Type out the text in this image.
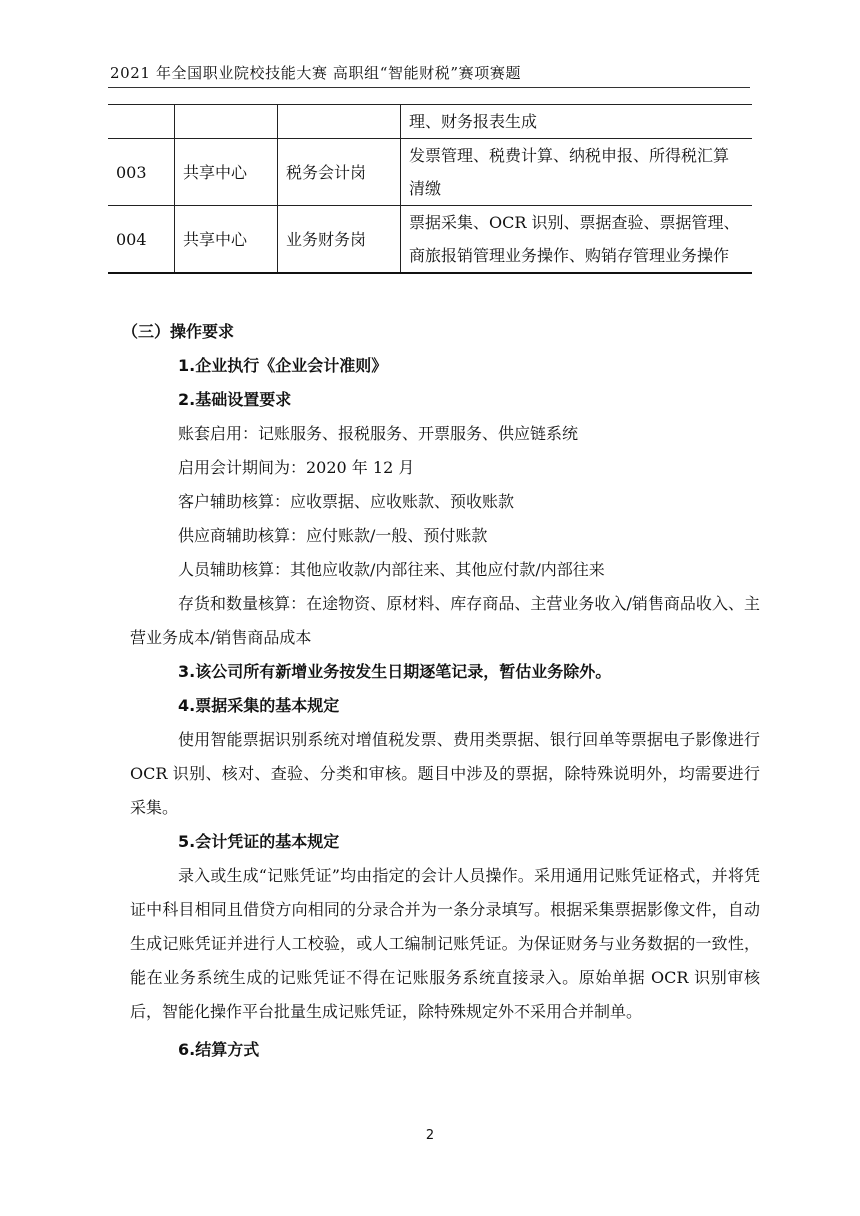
2021 年全国职业院校技能大赛 高职组“智能财税”赛项赛题
			理、财务报表生成
003	共享中心	税务会计岗	发票管理、税费计算、纳税申报、所得税汇算清缴
004	共享中心	业务财务岗	票据采集、OCR 识别、票据查验、票据管理、商旅报销管理业务操作、购销存管理业务操作
（三）操作要求
1.企业执行《企业会计准则》
2.基础设置要求
账套启用：记账服务、报税服务、开票服务、供应链系统
启用会计期间为：2020 年 12 月
客户辅助核算：应收票据、应收账款、预收账款
供应商辅助核算：应付账款/一般、预付账款
人员辅助核算：其他应收款/内部往来、其他应付款/内部往来
存货和数量核算：在途物资、原材料、库存商品、主营业务收入/销售商品收入、主营业务成本/销售商品成本
3.该公司所有新增业务按发生日期逐笔记录，暂估业务除外。
4.票据采集的基本规定
使用智能票据识别系统对增值税发票、费用类票据、银行回单等票据电子影像进行 OCR 识别、核对、查验、分类和审核。题目中涉及的票据，除特殊说明外，均需要进行采集。
5.会计凭证的基本规定
录入或生成“记账凭证”均由指定的会计人员操作。采用通用记账凭证格式，并将凭证中科目相同且借贷方向相同的分录合并为一条分录填写。根据采集票据影像文件，自动生成记账凭证并进行人工校验，或人工编制记账凭证。为保证财务与业务数据的一致性，能在业务系统生成的记账凭证不得在记账服务系统直接录入。原始单据 OCR 识别审核后，智能化操作平台批量生成记账凭证，除特殊规定外不采用合并制单。
6.结算方式
2
